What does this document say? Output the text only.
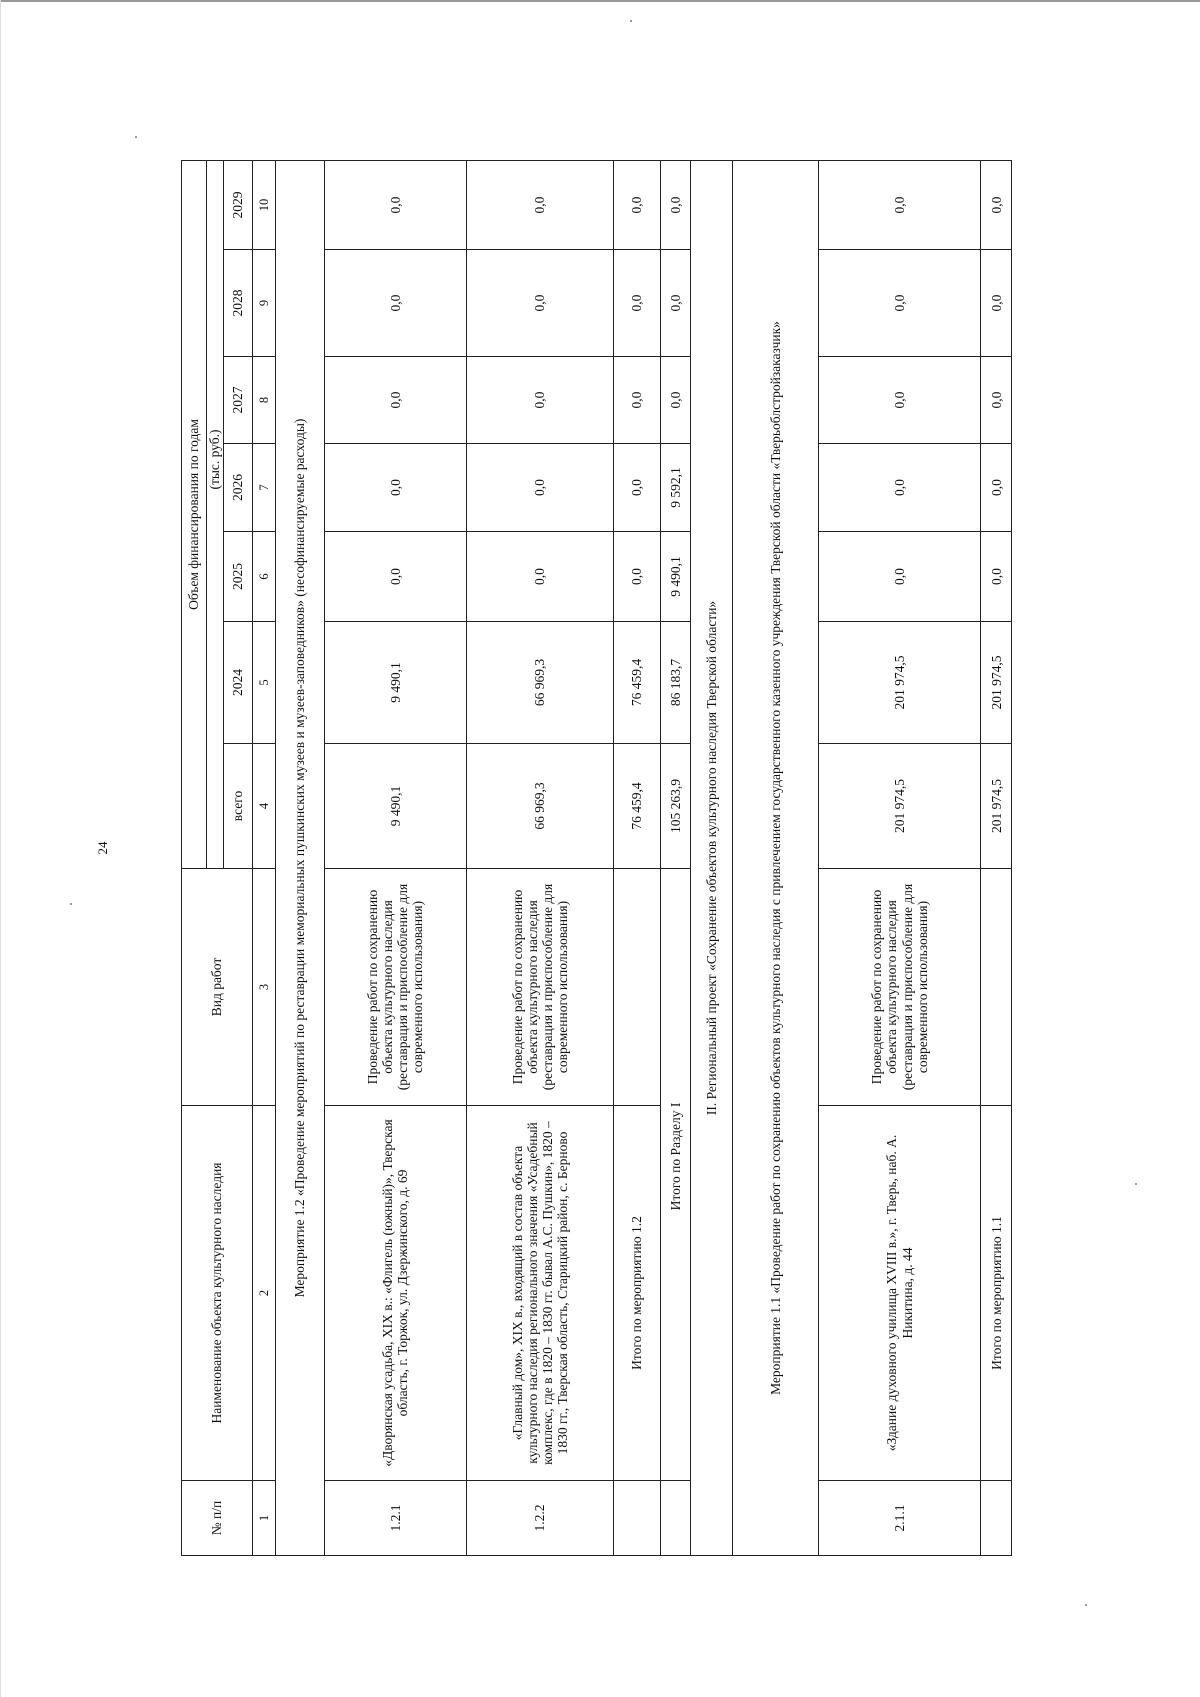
24
№ п/п	Наименование объекта культурного наследия	Вид работ	Объем финансирования по годам						
			(тыс. руб.)						
			всего	2024	2025	2026	2027	2028	2029
1	2	3	4	5	6	7	8	9	10
Мероприятие 1.2 «Проведение мероприятий по реставрации мемориальных пушкинских музеев и музеев-заповедников» (несофинансируемые расходы)									
1.2.1	«Дворянская усадьба, XIX в.: «Флигель (южный)», Тверская область, г. Торжок, ул. Дзержинского, д. 69	Проведение работ по сохранению объекта культурного наследия (реставрация и приспособление для современного использования)	9 490,1	9 490,1	0,0	0,0	0,0	0,0	0,0
1.2.2	«Главный дом», XIX в., входящий в состав объекта культурного наследия регионального значения «Усадебный комплекс, где в 1820 – 1830 гг. бывал А.С. Пушкин», 1820 – 1830 гг., Тверская область, Старицкий район, с. Берново	Проведение работ по сохранению объекта культурного наследия (реставрация и приспособление для современного использования)	66 969,3	66 969,3	0,0	0,0	0,0	0,0	0,0
	Итого по мероприятию 1.2		76 459,4	76 459,4	0,0	0,0	0,0	0,0	0,0
	Итого по Разделу I		105 263,9	86 183,7	9 490,1	9 592,1	0,0	0,0	0,0
II. Региональный проект «Сохранение объектов культурного наследия Тверской области»									
Мероприятие 1.1 «Проведение работ по сохранению объектов культурного наследия с привлечением государственного казенного учреждения Тверской области «Тверьоблстройзаказчик»									
2.1.1	«Здание духовного училища XVIII в.», г. Тверь, наб. А. Никитина, д. 44	Проведение работ по сохранению объекта культурного наследия (реставрация и приспособление для современного использования)	201 974,5	201 974,5	0,0	0,0	0,0	0,0	0,0
	Итого по мероприятию 1.1		201 974,5	201 974,5	0,0	0,0	0,0	0,0	0,0
